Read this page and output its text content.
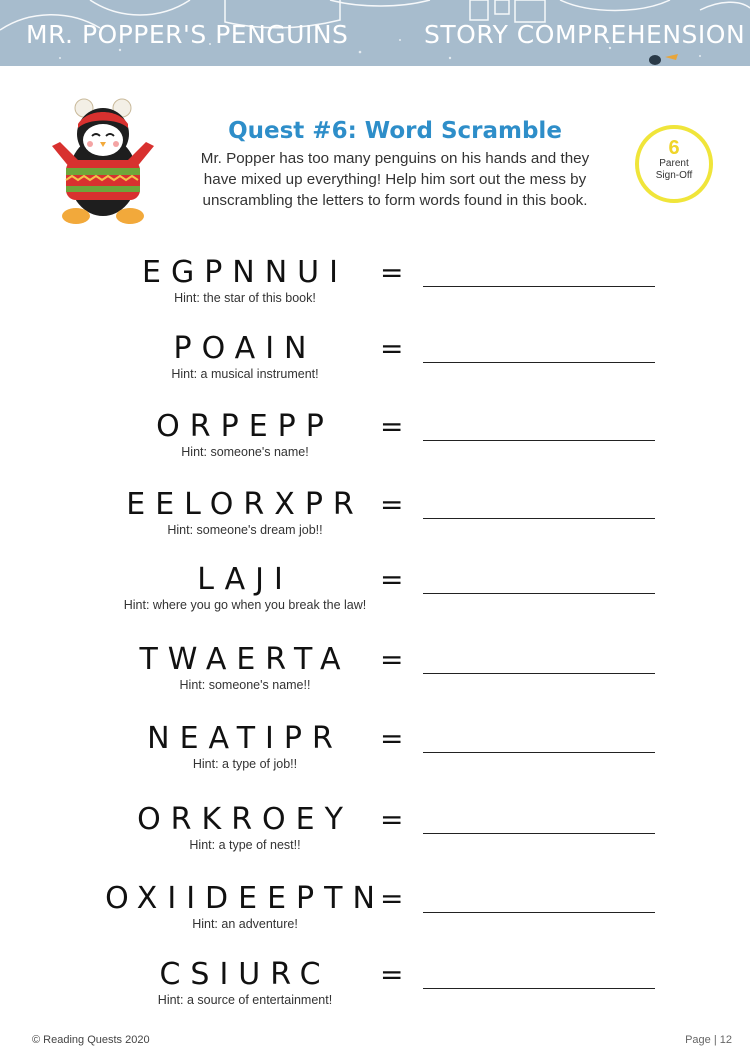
MR. POPPER'S PENGUINS	STORY COMPREHENSION
Quest #6: Word Scramble
Mr. Popper has too many penguins on his hands and they have mixed up everything! Help him sort out the mess by unscrambling the letters to form words found in this book.
6
Parent Sign-Off
EGPNNUI
Hint: the star of this book!
=
POAIN
Hint: a musical instrument!
=
ORPEPP
Hint: someone's name!
=
EELORXPR
Hint: someone's dream job!!
=
LAJI
Hint: where you go when you break the law!
=
TWAERTA
Hint: someone's name!!
=
NEATIPR
Hint: a type of job!!
=
ORKROEY
Hint: a type of nest!!
=
OXIIDEEPTN
Hint: an adventure!
=
CSIURC
Hint: a source of entertainment!
=
© Reading Quests 2020	Page | 12
